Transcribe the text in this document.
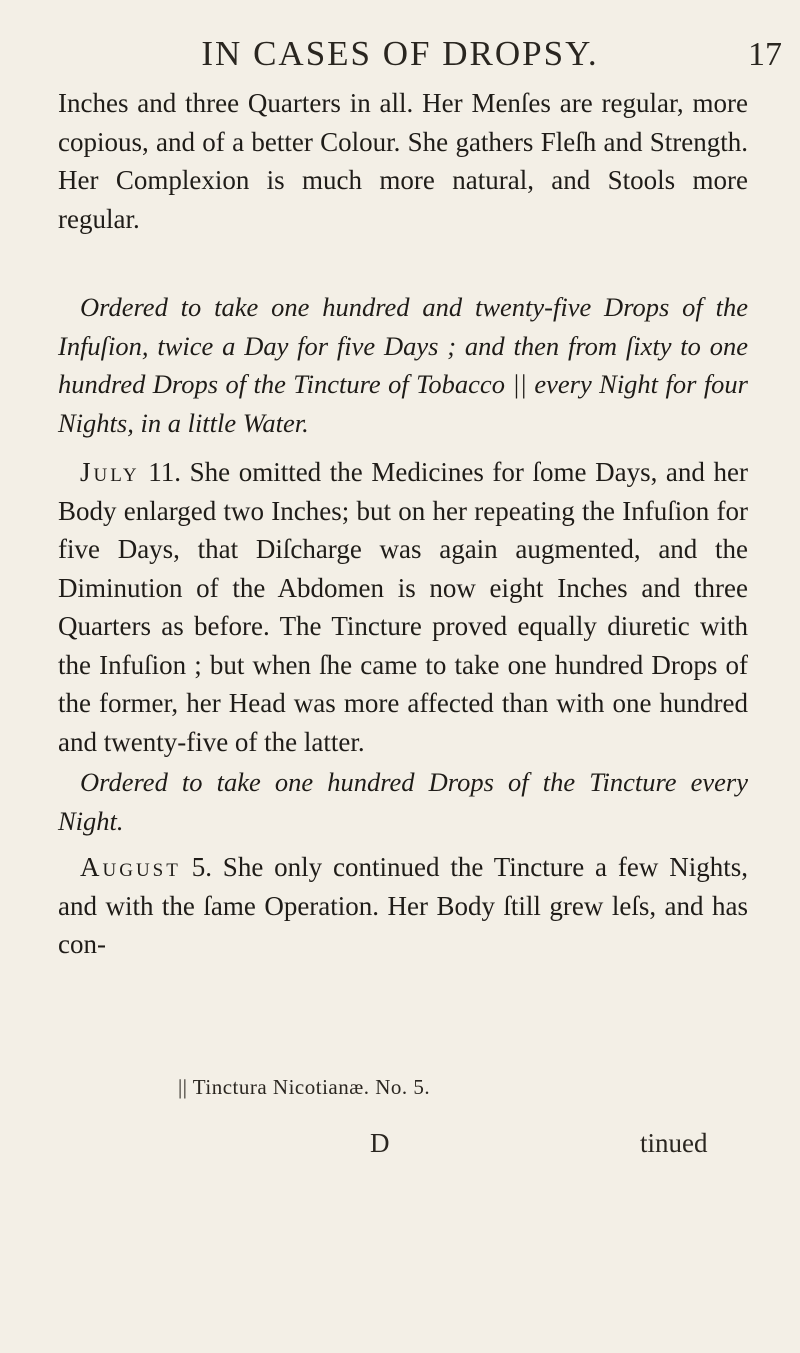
IN CASES OF DROPSY.	17

Inches and three Quarters in all. Her Menſes are regular, more copious, and of a better Colour. She gathers Fleſh and Strength. Her Complexion is much more natural, and Stools more regular.

Ordered to take one hundred and twenty-five Drops of the Infuſion, twice a Day for five Days ; and then from ſixty to one hundred Drops of the Tincture of Tobacco || every Night for four Nights, in a little Water.

July 11. She omitted the Medicines for ſome Days, and her Body enlarged two Inches; but on her repeating the Infuſion for five Days, that Diſcharge was again augmented, and the Diminution of the Abdomen is now eight Inches and three Quarters as before. The Tincture proved equally diuretic with the Infuſion ; but when ſhe came to take one hundred Drops of the former, her Head was more affected than with one hundred and twenty-five of the latter.

Ordered to take one hundred Drops of the Tincture every Night.

August 5. She only continued the Tincture a few Nights, and with the ſame Operation. Her Body ſtill grew leſs, and has con-

|| Tinctura Nicotianæ. No. 5.
D	tinued
